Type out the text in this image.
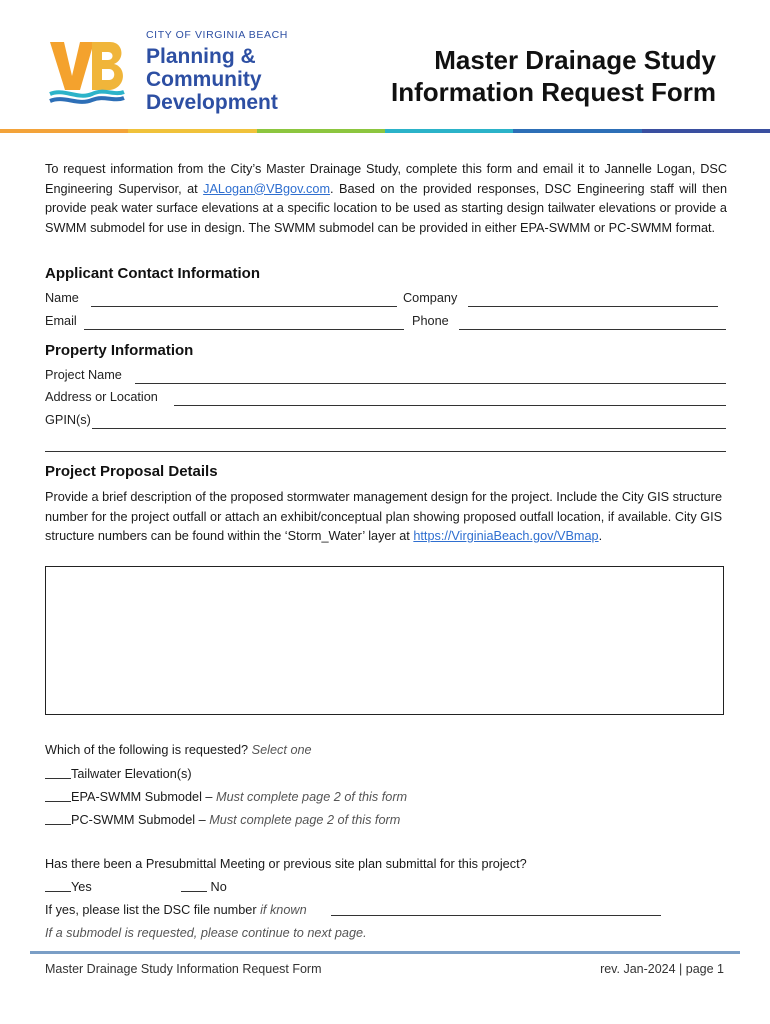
CITY OF VIRGINIA BEACH
Planning &
Community
Development
Master Drainage Study
Information Request Form
To request information from the City’s Master Drainage Study, complete this form and email it to Jannelle Logan, DSC Engineering Supervisor, at JALogan@VBgov.com. Based on the provided responses, DSC Engineering staff will then provide peak water surface elevations at a specific location to be used as starting design tailwater elevations or provide a SWMM submodel for use in design. The SWMM submodel can be provided in either EPA-SWMM or PC-SWMM format.
Applicant Contact Information
Name	Company
Email	Phone
Property Information
Project Name
Address or Location
GPIN(s)
Project Proposal Details
Provide a brief description of the proposed stormwater management design for the project. Include the City GIS structure number for the project outfall or attach an exhibit/conceptual plan showing proposed outfall location, if available. City GIS structure numbers can be found within the ‘Storm_Water’ layer at https://VirginiaBeach.gov/VBmap.
Which of the following is requested? Select one
Tailwater Elevation(s)
EPA-SWMM Submodel – Must complete page 2 of this form
PC-SWMM Submodel – Must complete page 2 of this form
Has there been a Presubmittal Meeting or previous site plan submittal for this project?
Yes	No
If yes, please list the DSC file number if known
If a submodel is requested, please continue to next page.
Master Drainage Study Information Request Form	rev. Jan-2024 | page 1
